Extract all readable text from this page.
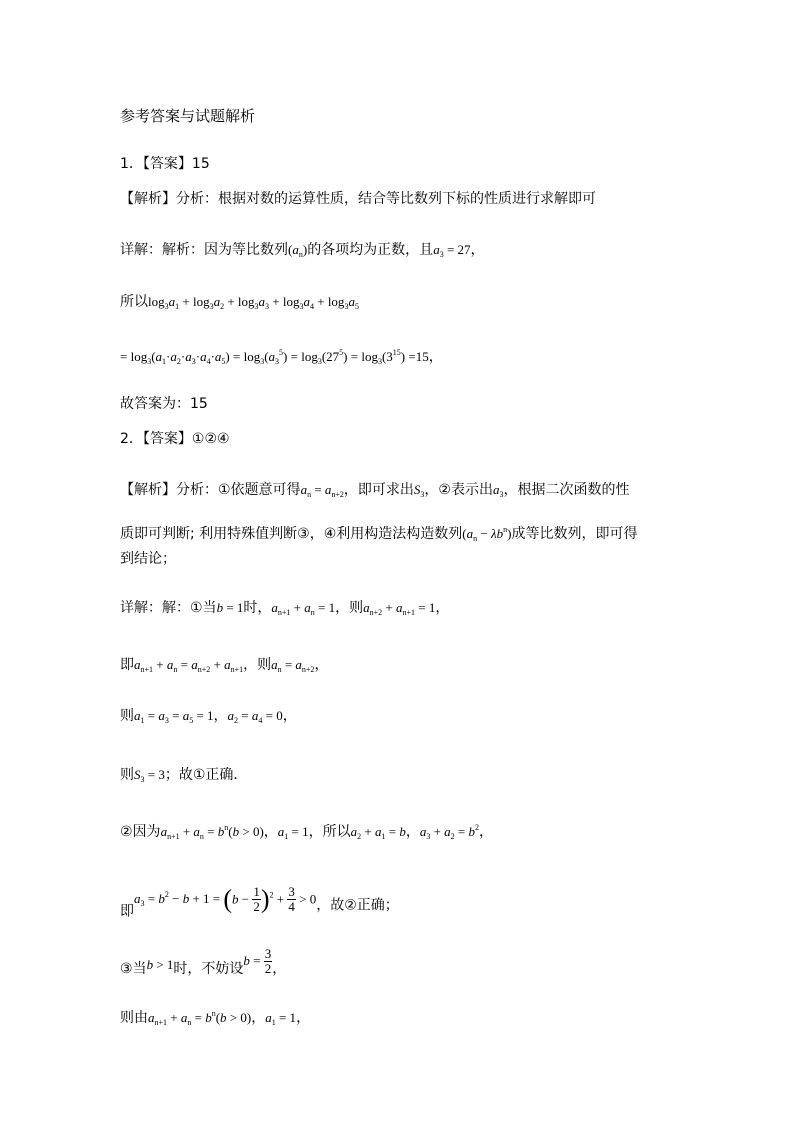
参考答案与试题解析
1．【答案】15
【解析】分析：根据对数的运算性质，结合等比数列下标的性质进行求解即可
详解：解析：因为等比数列$(a_n)$的各项均为正数，且$a_3 = 27$，
所以$\log_3a_1 + \log_3a_2 + \log_3a_3 + \log_3a_4 + \log_3a_5$
= $\log_3(a_1\cdot a_2\cdot a_3\cdot a_4\cdot a_5) = \log_3(a_3^5) = \log_3(27^5) = \log_3(3^{15}) =15$，
故答案为：15
2．【答案】①②④
【解析】分析：①依题意可得$a_n = a_{n+2}$，即可求出$S_3$，②表示出$a_3$，根据二次函数的性
质即可判断; 利用特殊值判断③，④利用构造法构造数列$(a_n - \lambda b^n)$成等比数列，即可得
到结论；
详解：解：①当b = 1时，$a_{n+1} + a_n = 1$，则$a_{n+2} + a_{n+1} = 1$，
即$a_{n+1} + a_n = a_{n+2} + a_{n+1}$，则$a_n = a_{n+2}$，
则$a_1 = a_3 = a_5 = 1$，$a_2 = a_4 = 0$，
则$S_3 = 3$；故①正确．
②因为$a_{n+1} + a_n = b^n(b > 0)$，$a_1 = 1$，所以$a_2 + a_1 = b$，$a_3 + a_2 = b^2$，
即$a_3 = b^2 - b + 1 = (b - \frac{1}{2} )^2 + \frac{3}{4} > 0$，故②正确；
③当b > 1时，不妨设$b = \frac{3}{2}$ ，
则由$a_{n+1} + a_n = b^n(b > 0)$，$a_1 = 1$，
